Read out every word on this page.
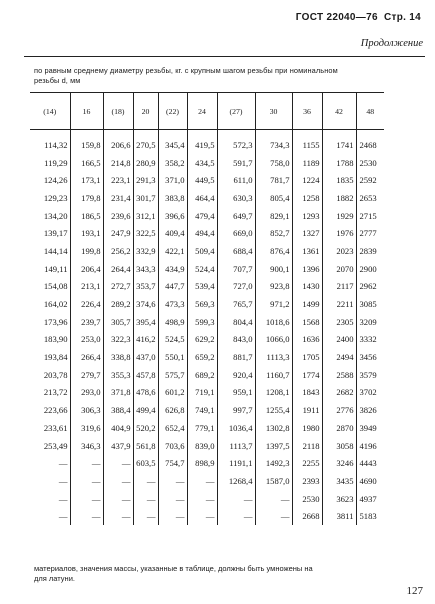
ГОСТ 22040—76 Стр. 14
Продолжение
по равным среднему диаметру резьбы, кг. с крупным шагом резьбы при номинальном
резьбы d, мм
(14)	16	(18)	20	(22)	24	(27)	30	36	42	48
114,32	159,8	206,6	270,5	345,4	419,5	572,3	734,3	1155	1741	2468
119,29	166,5	214,8	280,9	358,2	434,5	591,7	758,0	1189	1788	2530
124,26	173,1	223,1	291,3	371,0	449,5	611,0	781,7	1224	1835	2592
129,23	179,8	231,4	301,7	383,8	464,4	630,3	805,4	1258	1882	2653
134,20	186,5	239,6	312,1	396,6	479,4	649,7	829,1	1293	1929	2715
139,17	193,1	247,9	322,5	409,4	494,4	669,0	852,7	1327	1976	2777
144,14	199,8	256,2	332,9	422,1	509,4	688,4	876,4	1361	2023	2839
149,11	206,4	264,4	343,3	434,9	524,4	707,7	900,1	1396	2070	2900
154,08	213,1	272,7	353,7	447,7	539,4	727,0	923,8	1430	2117	2962
164,02	226,4	289,2	374,6	473,3	569,3	765,7	971,2	1499	2211	3085
173,96	239,7	305,7	395,4	498,9	599,3	804,4	1018,6	1568	2305	3209
183,90	253,0	322,3	416,2	524,5	629,2	843,0	1066,0	1636	2400	3332
193,84	266,4	338,8	437,0	550,1	659,2	881,7	1113,3	1705	2494	3456
203,78	279,7	355,3	457,8	575,7	689,2	920,4	1160,7	1774	2588	3579
213,72	293,0	371,8	478,6	601,2	719,1	959,1	1208,1	1843	2682	3702
223,66	306,3	388,4	499,4	626,8	749,1	997,7	1255,4	1911	2776	3826
233,61	319,6	404,9	520,2	652,4	779,1	1036,4	1302,8	1980	2870	3949
253,49	346,3	437,9	561,8	703,6	839,0	1113,7	1397,5	2118	3058	4196
—	—	—	603,5	754,7	898,9	1191,1	1492,3	2255	3246	4443
—	—	—	—	—	—	1268,4	1587,0	2393	3435	4690
—	—	—	—	—	—	—	—	2530	3623	4937
—	—	—	—	—	—	—	—	2668	3811	5183
материалов, значения массы, указанные в таблице, должны быть умножены на
для латуни.
127
